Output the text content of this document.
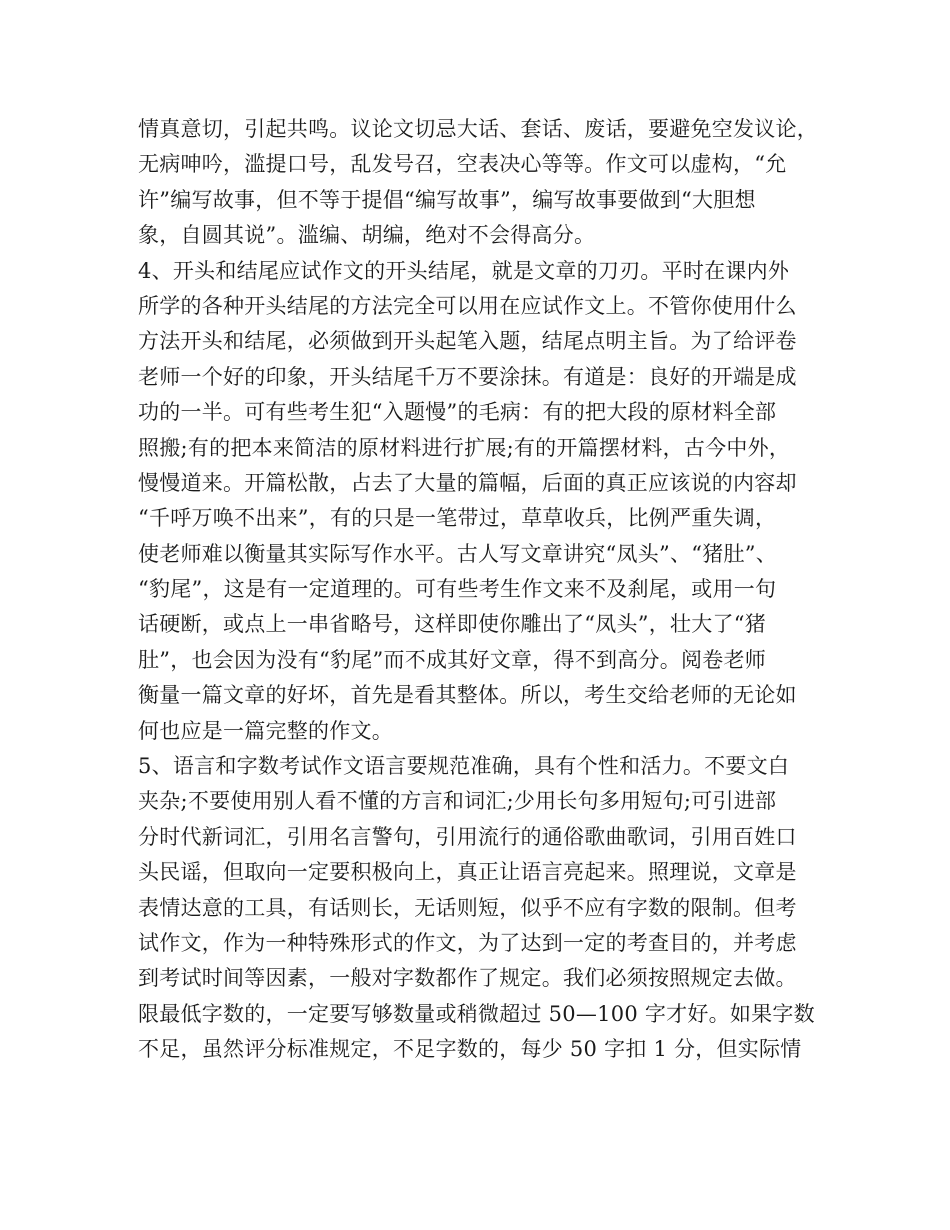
情真意切，引起共鸣。议论文切忌大话、套话、废话，要避免空发议论，
无病呻吟，滥提口号，乱发号召，空表决心等等。作文可以虚构，“允
许”编写故事，但不等于提倡“编写故事”，编写故事要做到“大胆想
象，自圆其说”。滥编、胡编，绝对不会得高分。
4、开头和结尾应试作文的开头结尾，就是文章的刀刃。平时在课内外
所学的各种开头结尾的方法完全可以用在应试作文上。不管你使用什么
方法开头和结尾，必须做到开头起笔入题，结尾点明主旨。为了给评卷
老师一个好的印象，开头结尾千万不要涂抹。有道是：良好的开端是成
功的一半。可有些考生犯“入题慢”的毛病：有的把大段的原材料全部
照搬;有的把本来简洁的原材料进行扩展;有的开篇摆材料，古今中外，
慢慢道来。开篇松散，占去了大量的篇幅，后面的真正应该说的内容却
“千呼万唤不出来”，有的只是一笔带过，草草收兵，比例严重失调，
使老师难以衡量其实际写作水平。古人写文章讲究“凤头”、“猪肚”、
“豹尾”，这是有一定道理的。可有些考生作文来不及刹尾，或用一句
话硬断，或点上一串省略号，这样即使你雕出了“凤头”，壮大了“猪
肚”，也会因为没有“豹尾”而不成其好文章，得不到高分。阅卷老师
衡量一篇文章的好坏，首先是看其整体。所以，考生交给老师的无论如
何也应是一篇完整的作文。
5、语言和字数考试作文语言要规范准确，具有个性和活力。不要文白
夹杂;不要使用别人看不懂的方言和词汇;少用长句多用短句;可引进部
分时代新词汇，引用名言警句，引用流行的通俗歌曲歌词，引用百姓口
头民谣，但取向一定要积极向上，真正让语言亮起来。照理说，文章是
表情达意的工具，有话则长，无话则短，似乎不应有字数的限制。但考
试作文，作为一种特殊形式的作文，为了达到一定的考查目的，并考虑
到考试时间等因素，一般对字数都作了规定。我们必须按照规定去做。
限最低字数的，一定要写够数量或稍微超过 50—100 字才好。如果字数
不足，虽然评分标准规定，不足字数的，每少 50 字扣 1 分，但实际情
